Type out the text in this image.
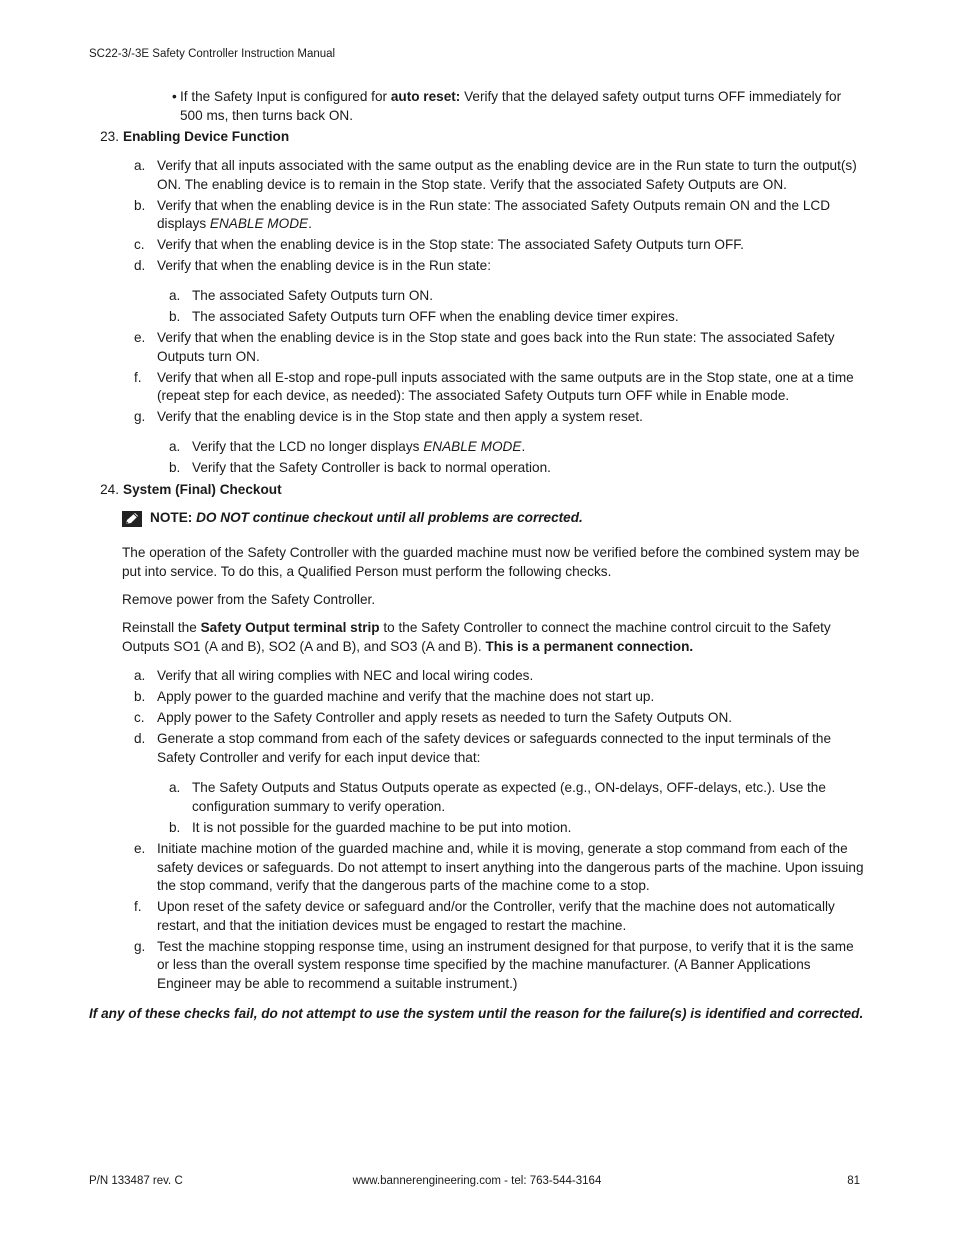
SC22-3/-3E Safety Controller Instruction Manual
• If the Safety Input is configured for auto reset: Verify that the delayed safety output turns OFF immediately for 500 ms, then turns back ON.
23. Enabling Device Function
a. Verify that all inputs associated with the same output as the enabling device are in the Run state to turn the output(s) ON. The enabling device is to remain in the Stop state. Verify that the associated Safety Outputs are ON.
b. Verify that when the enabling device is in the Run state: The associated Safety Outputs remain ON and the LCD displays ENABLE MODE.
c. Verify that when the enabling device is in the Stop state: The associated Safety Outputs turn OFF.
d. Verify that when the enabling device is in the Run state:
a. The associated Safety Outputs turn ON.
b. The associated Safety Outputs turn OFF when the enabling device timer expires.
e. Verify that when the enabling device is in the Stop state and goes back into the Run state: The associated Safety Outputs turn ON.
f. Verify that when all E-stop and rope-pull inputs associated with the same outputs are in the Stop state, one at a time (repeat step for each device, as needed): The associated Safety Outputs turn OFF while in Enable mode.
g. Verify that the enabling device is in the Stop state and then apply a system reset.
a. Verify that the LCD no longer displays ENABLE MODE.
b. Verify that the Safety Controller is back to normal operation.
24. System (Final) Checkout
NOTE: DO NOT continue checkout until all problems are corrected.

The operation of the Safety Controller with the guarded machine must now be verified before the combined system may be put into service. To do this, a Qualified Person must perform the following checks.

Remove power from the Safety Controller.

Reinstall the Safety Output terminal strip to the Safety Controller to connect the machine control circuit to the Safety Outputs SO1 (A and B), SO2 (A and B), and SO3 (A and B). This is a permanent connection.

a. Verify that all wiring complies with NEC and local wiring codes.
b. Apply power to the guarded machine and verify that the machine does not start up.
c. Apply power to the Safety Controller and apply resets as needed to turn the Safety Outputs ON.
d. Generate a stop command from each of the safety devices or safeguards connected to the input terminals of the Safety Controller and verify for each input device that:
a. The Safety Outputs and Status Outputs operate as expected (e.g., ON-delays, OFF-delays, etc.). Use the configuration summary to verify operation.
b. It is not possible for the guarded machine to be put into motion.
e. Initiate machine motion of the guarded machine and, while it is moving, generate a stop command from each of the safety devices or safeguards. Do not attempt to insert anything into the dangerous parts of the machine. Upon issuing the stop command, verify that the dangerous parts of the machine come to a stop.
f. Upon reset of the safety device or safeguard and/or the Controller, verify that the machine does not automatically restart, and that the initiation devices must be engaged to restart the machine.
g. Test the machine stopping response time, using an instrument designed for that purpose, to verify that it is the same or less than the overall system response time specified by the machine manufacturer. (A Banner Applications Engineer may be able to recommend a suitable instrument.)
If any of these checks fail, do not attempt to use the system until the reason for the failure(s) is identified and corrected.
P/N 133487 rev. C	www.bannerengineering.com - tel: 763-544-3164	81
